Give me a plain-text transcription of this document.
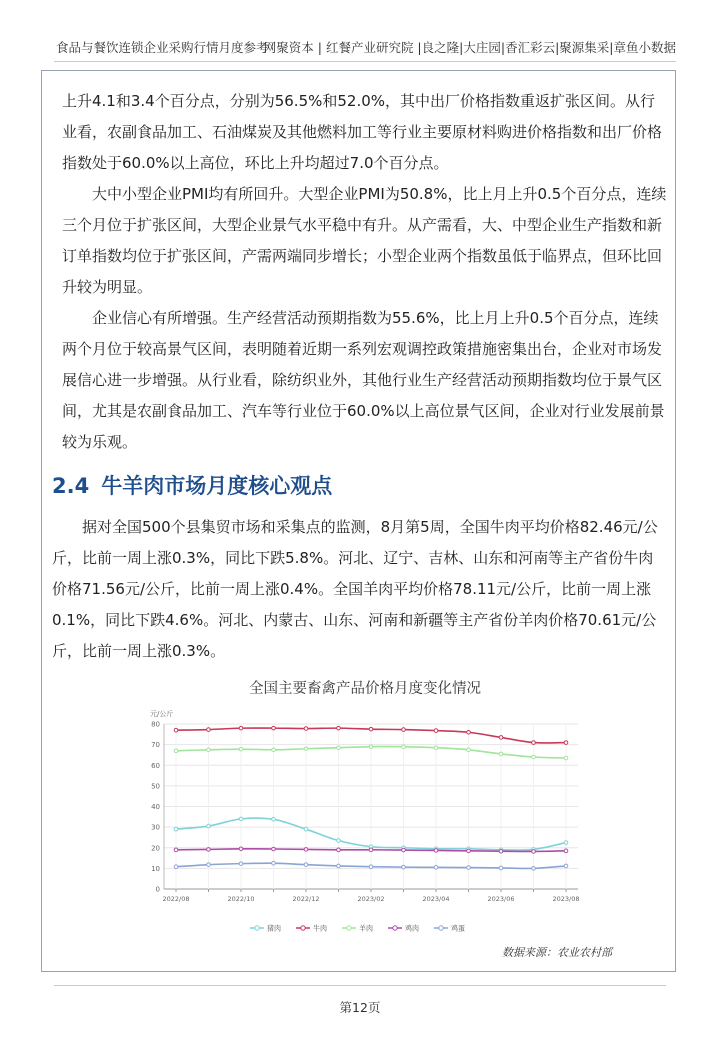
食品与餐饮连锁企业采购行情月度参考
网聚资本 | 红餐产业研究院 |良之隆|大庄园|香汇彩云|聚源集采|章鱼小数据

上升4.1和3.4个百分点，分别为56.5%和52.0%，其中出厂价格指数重返扩张区间。从行业看，农副食品加工、石油煤炭及其他燃料加工等行业主要原材料购进价格指数和出厂价格指数处于60.0%以上高位，环比上升均超过7.0个百分点。

大中小型企业PMI均有所回升。大型企业PMI为50.8%，比上月上升0.5个百分点，连续三个月位于扩张区间，大型企业景气水平稳中有升。从产需看，大、中型企业生产指数和新订单指数均位于扩张区间，产需两端同步增长；小型企业两个指数虽低于临界点，但环比回升较为明显。

企业信心有所增强。生产经营活动预期指数为55.6%，比上月上升0.5个百分点，连续两个月位于较高景气区间，表明随着近期一系列宏观调控政策措施密集出台，企业对市场发展信心进一步增强。从行业看，除纺织业外，其他行业生产经营活动预期指数均位于景气区间，尤其是农副食品加工、汽车等行业位于60.0%以上高位景气区间，企业对行业发展前景较为乐观。

2.4 牛羊肉市场月度核心观点

据对全国500个县集贸市场和采集点的监测，8月第5周，全国牛肉平均价格82.46元/公斤，比前一周上涨0.3%，同比下跌5.8%。河北、辽宁、吉林、山东和河南等主产省份牛肉价格71.56元/公斤，比前一周上涨0.4%。全国羊肉平均价格78.11元/公斤，比前一周上涨0.1%，同比下跌4.6%。河北、内蒙古、山东、河南和新疆等主产省份羊肉价格70.61元/公斤，比前一周上涨0.3%。

全国主要畜禽产品价格月度变化情况
元/公斤
0
10
20
30
40
50
60
70
80
2022/08	2022/10	2022/12	2023/02	2023/04	2023/06	2023/08
猪肉	牛肉	羊肉	鸡肉	鸡蛋
数据来源：农业农村部
第12页
